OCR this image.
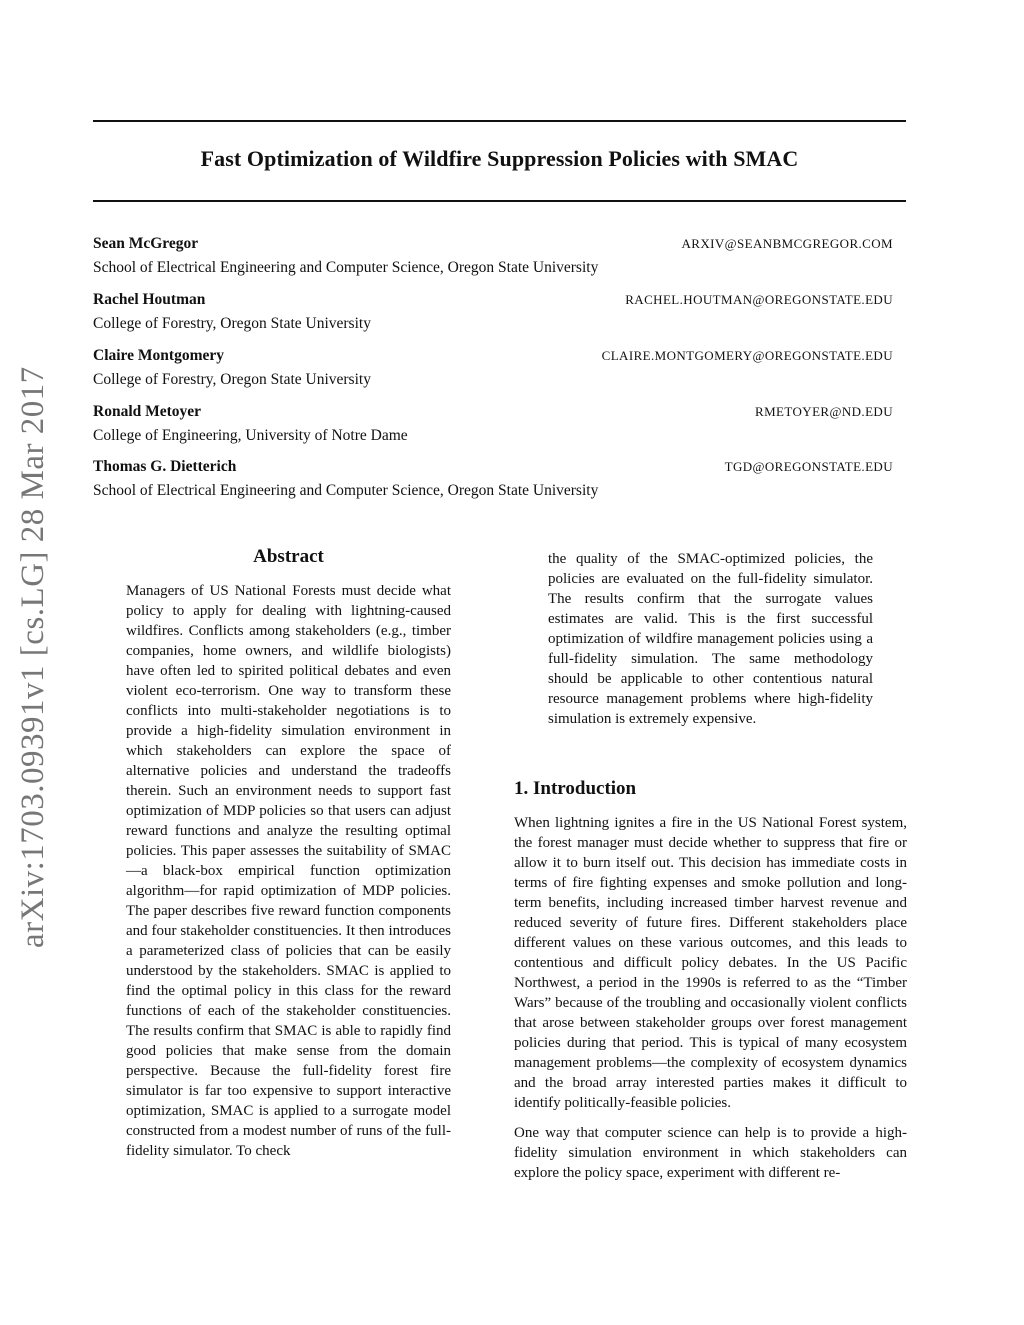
Fast Optimization of Wildfire Suppression Policies with SMAC
Sean McGregor	ARXIV@SEANBMCGREGOR.COM
School of Electrical Engineering and Computer Science, Oregon State University
Rachel Houtman	RACHEL.HOUTMAN@OREGONSTATE.EDU
College of Forestry, Oregon State University
Claire Montgomery	CLAIRE.MONTGOMERY@OREGONSTATE.EDU
College of Forestry, Oregon State University
Ronald Metoyer	RMETOYER@ND.EDU
College of Engineering, University of Notre Dame
Thomas G. Dietterich	TGD@OREGONSTATE.EDU
School of Electrical Engineering and Computer Science, Oregon State University
arXiv:1703.09391v1 [cs.LG] 28 Mar 2017	Abstract

Managers of US National Forests must decide what policy to apply for dealing with lightning-caused wildfires. Conflicts among stakeholders (e.g., timber companies, home owners, and wildlife biologists) have often led to spirited political debates and even violent eco-terrorism. One way to transform these conflicts into multi-stakeholder negotiations is to provide a high-fidelity simulation environment in which stakeholders can explore the space of alternative policies and understand the tradeoffs therein. Such an environment needs to support fast optimization of MDP policies so that users can adjust reward functions and analyze the resulting optimal policies. This paper assesses the suitability of SMAC—a black-box empirical function optimization algorithm—for rapid optimization of MDP policies. The paper describes five reward function components and four stakeholder constituencies. It then introduces a parameterized class of policies that can be easily understood by the stakeholders. SMAC is applied to find the optimal policy in this class for the reward functions of each of the stakeholder constituencies. The results confirm that SMAC is able to rapidly find good policies that make sense from the domain perspective. Because the full-fidelity forest fire simulator is far too expensive to support interactive optimization, SMAC is applied to a surrogate model constructed from a modest number of runs of the full-fidelity simulator. To check

the quality of the SMAC-optimized policies, the policies are evaluated on the full-fidelity simulator. The results confirm that the surrogate values estimates are valid. This is the first successful optimization of wildfire management policies using a full-fidelity simulation. The same methodology should be applicable to other contentious natural resource management problems where high-fidelity simulation is extremely expensive.

1. Introduction

When lightning ignites a fire in the US National Forest system, the forest manager must decide whether to suppress that fire or allow it to burn itself out. This decision has immediate costs in terms of fire fighting expenses and smoke pollution and long-term benefits, including increased timber harvest revenue and reduced severity of future fires. Different stakeholders place different values on these various outcomes, and this leads to contentious and difficult policy debates. In the US Pacific Northwest, a period in the 1990s is referred to as the “Timber Wars” because of the troubling and occasionally violent conflicts that arose between stakeholder groups over forest management policies during that period. This is typical of many ecosystem management problems—the complexity of ecosystem dynamics and the broad array interested parties makes it difficult to identify politically-feasible policies.

One way that computer science can help is to provide a high-fidelity simulation environment in which stakeholders can explore the policy space, experiment with different re-
